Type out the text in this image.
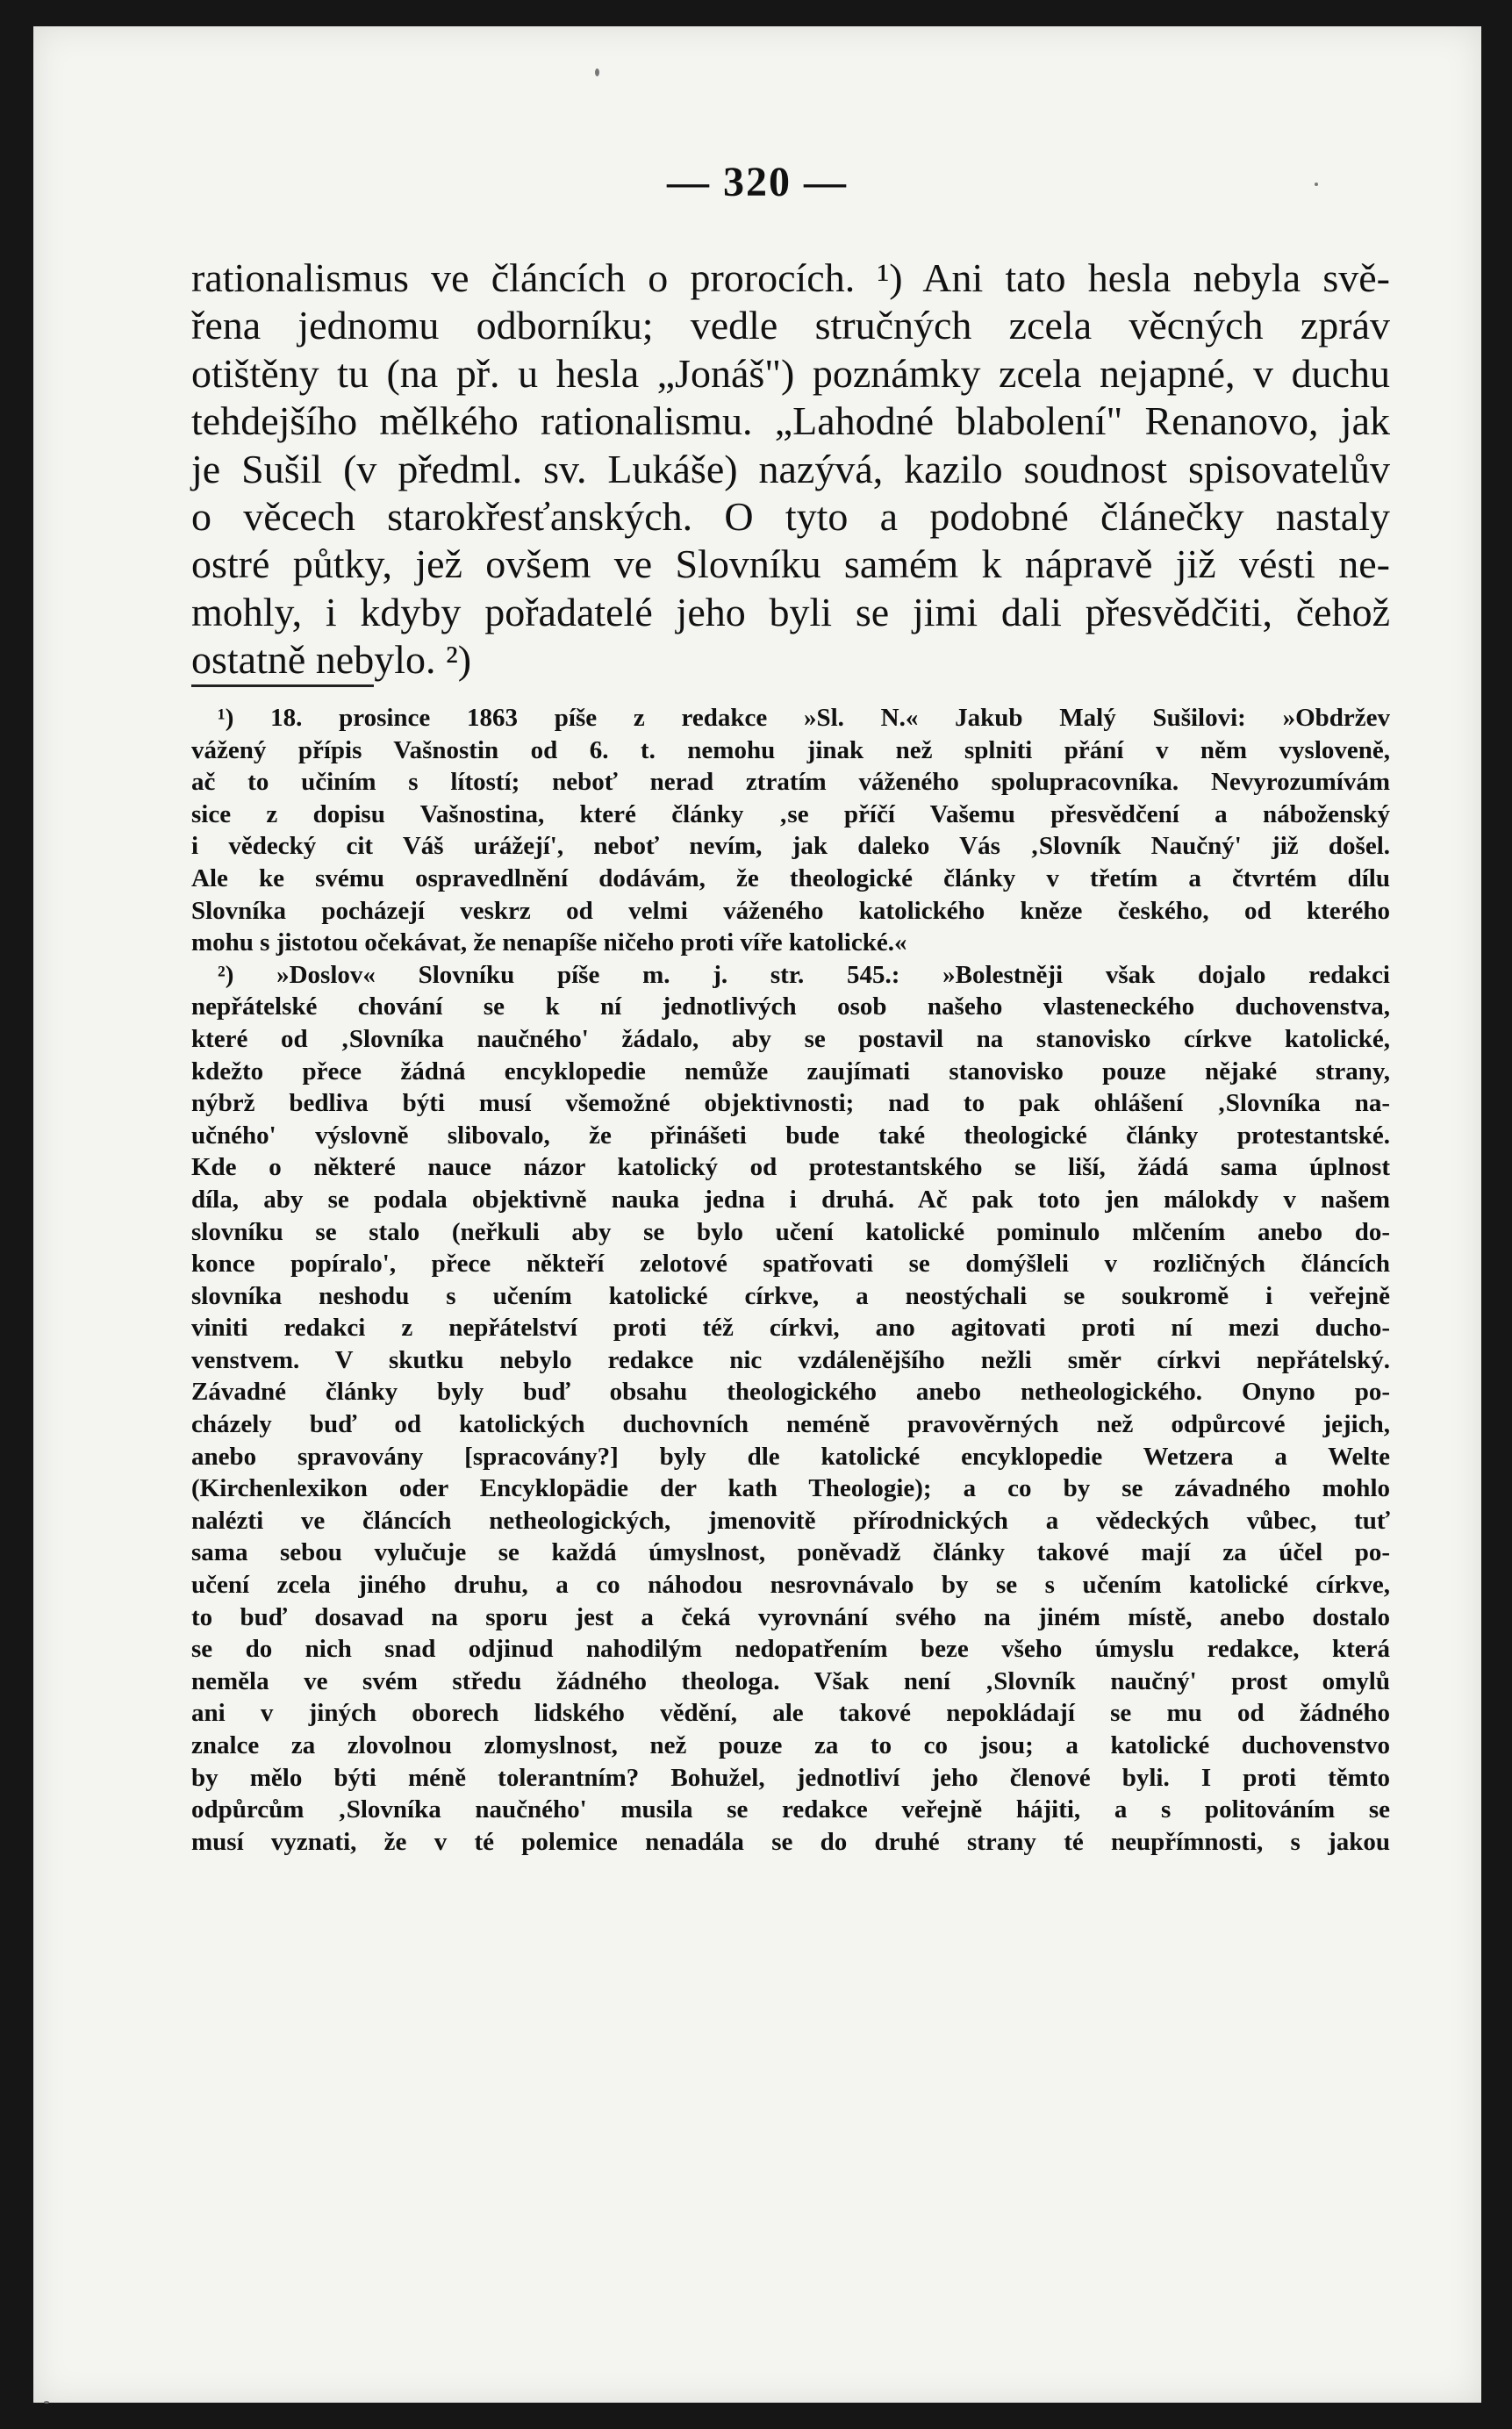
— 320 —
rationalismus ve článcích o prorocích. ¹) Ani tato hesla nebyla svě-
řena jednomu odborníku; vedle stručných zcela věcných zpráv
otištěny tu (na př. u hesla „Jonáš") poznámky zcela nejapné, v duchu
tehdejšího mělkého rationalismu. „Lahodné blabolení" Renanovo, jak
je Sušil (v předml. sv. Lukáše) nazývá, kazilo soudnost spisovatelův
o věcech starokřesťanských. O tyto a podobné článečky nastaly
ostré půtky, jež ovšem ve Slovníku samém k nápravě již vésti ne-
mohly, i kdyby pořadatelé jeho byli se jimi dali přesvědčiti, čehož
ostatně nebylo. ²)
¹) 18. prosince 1863 píše z redakce »Sl. N.« Jakub Malý Sušilovi: »Obdržev
vážený přípis Vašnostin od 6. t. nemohu jinak než splniti přání v něm vysloveně,
ač to učiním s lítostí; neboť nerad ztratím váženého spolupracovníka. Nevyrozumívám
sice z dopisu Vašnostina, které články ‚se příčí Vašemu přesvědčení a náboženský
i vědecký cit Váš urážejí', neboť nevím, jak daleko Vás ‚Slovník Naučný' již došel.
Ale ke svému ospravedlnění dodávám, že theologické články v třetím a čtvrtém dílu
Slovníka pocházejí veskrz od velmi váženého katolického kněze českého, od kterého
mohu s jistotou očekávat, že nenapíše ničeho proti víře katolické.«
²) »Doslov« Slovníku píše m. j. str. 545.: »Bolestněji však dojalo redakci
nepřátelské chování se k ní jednotlivých osob našeho vlasteneckého duchovenstva,
které od ‚Slovníka naučného' žádalo, aby se postavil na stanovisko církve katolické,
kdežto přece žádná encyklopedie nemůže zaujímati stanovisko pouze nějaké strany,
nýbrž bedliva býti musí všemožné objektivnosti; nad to pak ohlášení ‚Slovníka na-
učného' výslovně slibovalo, že přinášeti bude také theologické články protestantské.
Kde o některé nauce názor katolický od protestantského se liší, žádá sama úplnost
díla, aby se podala objektivně nauka jedna i druhá. Ač pak toto jen málokdy v našem
slovníku se stalo (neřkuli aby se bylo učení katolické pominulo mlčením anebo do-
konce popíralo', přece někteří zelotové spatřovati se domýšleli v rozličných článcích
slovníka neshodu s učením katolické církve, a neostýchali se soukromě i veřejně
viniti redakci z nepřátelství proti též církvi, ano agitovati proti ní mezi ducho-
venstvem. V skutku nebylo redakce nic vzdálenějšího nežli směr církvi nepřátelský.
Závadné články byly buď obsahu theologického anebo netheologického. Onyno po-
cházely buď od katolických duchovních neméně pravověrných než odpůrcové jejich,
anebo spravovány [spracovány?] byly dle katolické encyklopedie Wetzera a Welte
(Kirchenlexikon oder Encyklopädie der kath Theologie); a co by se závadného mohlo
nalézti ve článcích netheologických, jmenovitě přírodnických a vědeckých vůbec, tuť
sama sebou vylučuje se každá úmyslnost, poněvadž články takové mají za účel po-
učení zcela jiného druhu, a co náhodou nesrovnávalo by se s učením katolické církve,
to buď dosavad na sporu jest a čeká vyrovnání svého na jiném místě, anebo dostalo
se do nich snad odjinud nahodilým nedopatřením beze všeho úmyslu redakce, která
neměla ve svém středu žádného theologa. Však není ‚Slovník naučný' prost omylů
ani v jiných oborech lidského vědění, ale takové nepokládají se mu od žádného
znalce za zlovolnou zlomyslnost, než pouze za to co jsou; a katolické duchovenstvo
by mělo býti méně tolerantním? Bohužel, jednotliví jeho členové byli. I proti těmto
odpůrcům ‚Slovníka naučného' musila se redakce veřejně hájiti, a s politováním se
musí vyznati, že v té polemice nenadála se do druhé strany té neupřímnosti, s jakou
